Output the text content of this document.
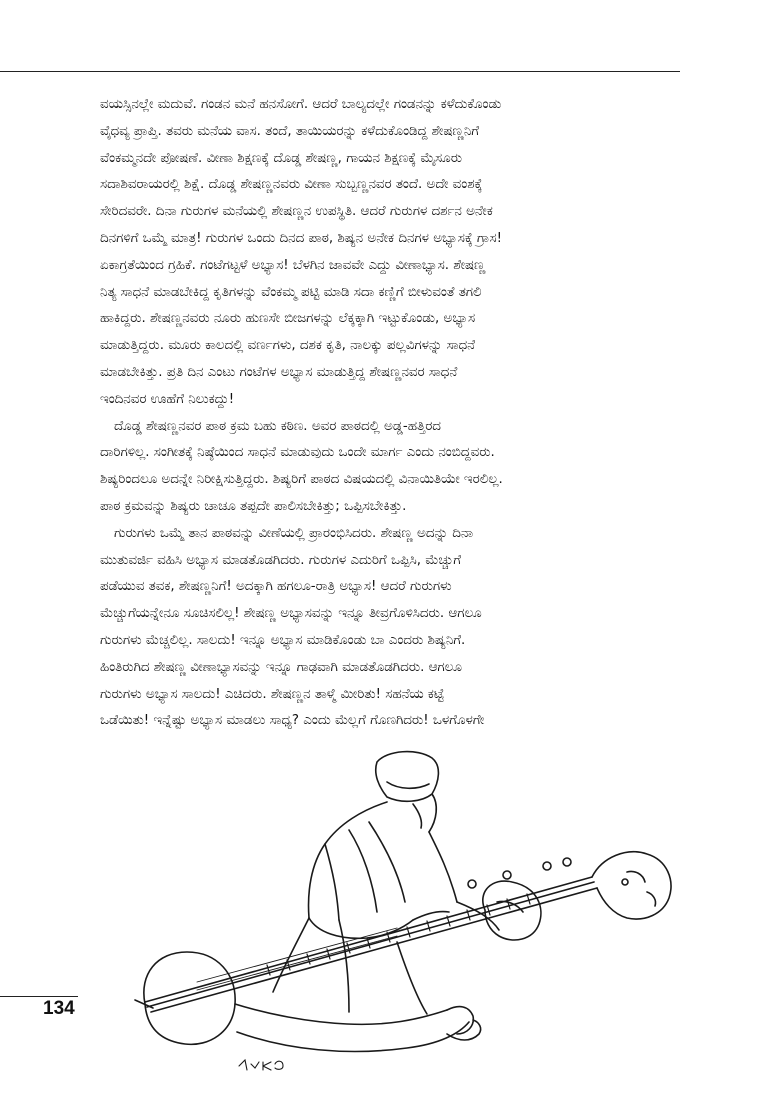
ವಯಸ್ಸಿನಲ್ಲೇ ಮದುವೆ. ಗಂಡನ ಮನೆ ಹನಸೋಗೆ. ಆದರೆ ಬಾಲ್ಯದಲ್ಲೇ ಗಂಡನನ್ನು ಕಳೆದುಕೊಂಡು
ವೈಧವ್ಯ ಪ್ರಾಪ್ತಿ. ತವರು ಮನೆಯ ವಾಸ. ತಂದೆ, ತಾಯಿಯರನ್ನು ಕಳೆದುಕೊಂಡಿದ್ದ ಶೇಷಣ್ಣನಿಗೆ
ವೆಂಕಮ್ಮನದೇ ಪೋಷಣೆ. ವೀಣಾ ಶಿಕ್ಷಣಕ್ಕೆ ದೊಡ್ಡ ಶೇಷಣ್ಣ, ಗಾಯನ ಶಿಕ್ಷಣಕ್ಕೆ ಮೈಸೂರು
ಸದಾಶಿವರಾಯರಲ್ಲಿ ಶಿಕ್ಷೆ. ದೊಡ್ಡ ಶೇಷಣ್ಣನವರು ವೀಣಾ ಸುಬ್ಬಣ್ಣನವರ ತಂದೆ. ಅದೇ ವಂಶಕ್ಕೆ
ಸೇರಿದವರೇ. ದಿನಾ ಗುರುಗಳ ಮನೆಯಲ್ಲಿ ಶೇಷಣ್ಣನ ಉಪಸ್ಥಿತಿ. ಆದರೆ ಗುರುಗಳ ದರ್ಶನ ಅನೇಕ
ದಿನಗಳಿಗೆ ಒಮ್ಮೆ ಮಾತ್ರ! ಗುರುಗಳ ಒಂದು ದಿನದ ಪಾಠ, ಶಿಷ್ಯನ ಅನೇಕ ದಿನಗಳ ಅಭ್ಯಾಸಕ್ಕೆ ಗ್ರಾಸ!
ಏಕಾಗ್ರತೆಯಿಂದ ಗ್ರಹಿಕೆ. ಗಂಟೆಗಟ್ಟಳೆ ಅಭ್ಯಾಸ! ಬೆಳಗಿನ ಜಾವವೇ ಎದ್ದು ವೀಣಾಭ್ಯಾಸ. ಶೇಷಣ್ಣ
ನಿತ್ಯ ಸಾಧನೆ ಮಾಡಬೇಕಿದ್ದ ಕೃತಿಗಳನ್ನು ವೆಂಕಮ್ಮ ಪಟ್ಟಿ ಮಾಡಿ ಸದಾ ಕಣ್ಣಿಗೆ ಬೀಳುವಂತೆ ತಗಲಿ
ಹಾಕಿದ್ದರು. ಶೇಷಣ್ಣನವರು ನೂರು ಹುಣಸೇ ಬೀಜಗಳನ್ನು ಲೆಕ್ಕಕ್ಕಾಗಿ ಇಟ್ಟುಕೊಂಡು, ಅಭ್ಯಾಸ
ಮಾಡುತ್ತಿದ್ದರು. ಮೂರು ಕಾಲದಲ್ಲಿ ವರ್ಣಗಳು, ದಶಕ ಕೃತಿ, ನಾಲಕ್ಕು ಪಲ್ಲವಿಗಳನ್ನು ಸಾಧನೆ
ಮಾಡಬೇಕಿತ್ತು. ಪ್ರತಿ ದಿನ ಎಂಟು ಗಂಟೆಗಳ ಅಭ್ಯಾಸ ಮಾಡುತ್ತಿದ್ದ ಶೇಷಣ್ಣನವರ ಸಾಧನೆ
ಇಂದಿನವರ ಊಹೆಗೆ ನಿಲುಕದ್ದು!
ದೊಡ್ಡ ಶೇಷಣ್ಣನವರ ಪಾಠ ಕ್ರಮ ಬಹು ಕಠಿಣ. ಅವರ ಪಾಠದಲ್ಲಿ ಅಡ್ಡ-ಹತ್ತಿರದ
ದಾರಿಗಳಿಲ್ಲ. ಸಂಗೀತಕ್ಕೆ ನಿಷ್ಠೆಯಿಂದ ಸಾಧನೆ ಮಾಡುವುದು ಒಂದೇ ಮಾರ್ಗ ಎಂದು ನಂಬಿದ್ದವರು.
ಶಿಷ್ಯರಿಂದಲೂ ಅದನ್ನೇ ನಿರೀಕ್ಷಿಸುತ್ತಿದ್ದರು. ಶಿಷ್ಯರಿಗೆ ಪಾಠದ ವಿಷಯದಲ್ಲಿ ವಿನಾಯಿತಿಯೇ ಇರಲಿಲ್ಲ.
ಪಾಠ ಕ್ರಮವನ್ನು ಶಿಷ್ಯರು ಚಾಚೂ ತಪ್ಪದೇ ಪಾಲಿಸಬೇಕಿತ್ತು; ಒಪ್ಪಿಸಬೇಕಿತ್ತು.
ಗುರುಗಳು ಒಮ್ಮೆ ತಾನ ಪಾಠವನ್ನು ವೀಣೆಯಲ್ಲಿ ಪ್ರಾರಂಭಿಸಿದರು. ಶೇಷಣ್ಣ ಅದನ್ನು ದಿನಾ
ಮುತುವರ್ಜಿ ವಹಿಸಿ ಅಭ್ಯಾಸ ಮಾಡತೊಡಗಿದರು. ಗುರುಗಳ ಎದುರಿಗೆ ಒಪ್ಪಿಸಿ, ಮೆಚ್ಚುಗೆ
ಪಡೆಯುವ ತವಕ, ಶೇಷಣ್ಣನಿಗೆ! ಅದಕ್ಕಾಗಿ ಹಗಲೂ-ರಾತ್ರಿ ಅಭ್ಯಾಸ! ಆದರೆ ಗುರುಗಳು
ಮೆಚ್ಚುಗೆಯನ್ನೇನೂ ಸೂಚಿಸಲಿಲ್ಲ! ಶೇಷಣ್ಣ ಅಭ್ಯಾಸವನ್ನು ಇನ್ನೂ ತೀವ್ರಗೊಳಿಸಿದರು. ಆಗಲೂ
ಗುರುಗಳು ಮೆಚ್ಚಲಿಲ್ಲ. ಸಾಲದು! ಇನ್ನೂ ಅಭ್ಯಾಸ ಮಾಡಿಕೊಂಡು ಬಾ ಎಂದರು ಶಿಷ್ಯನಿಗೆ.
ಹಿಂತಿರುಗಿದ ಶೇಷಣ್ಣ ವೀಣಾಭ್ಯಾಸವನ್ನು ಇನ್ನೂ ಗಾಢವಾಗಿ ಮಾಡತೊಡಗಿದರು. ಆಗಲೂ
ಗುರುಗಳು ಅಭ್ಯಾಸ ಸಾಲದು! ಎಚಿದರು. ಶೇಷಣ್ಣನ ತಾಳ್ಮೆ ಮೀರಿತು! ಸಹನೆಯ ಕಟ್ಟೆ
ಒಡೆಯಿತು! ಇನ್ನೆಷ್ಟು ಅಭ್ಯಾಸ ಮಾಡಲು ಸಾಧ್ಯ? ಎಂದು ಮೆಲ್ಲಗೆ ಗೊಣಗಿದರು! ಒಳಗೊಳಗೇ
134
